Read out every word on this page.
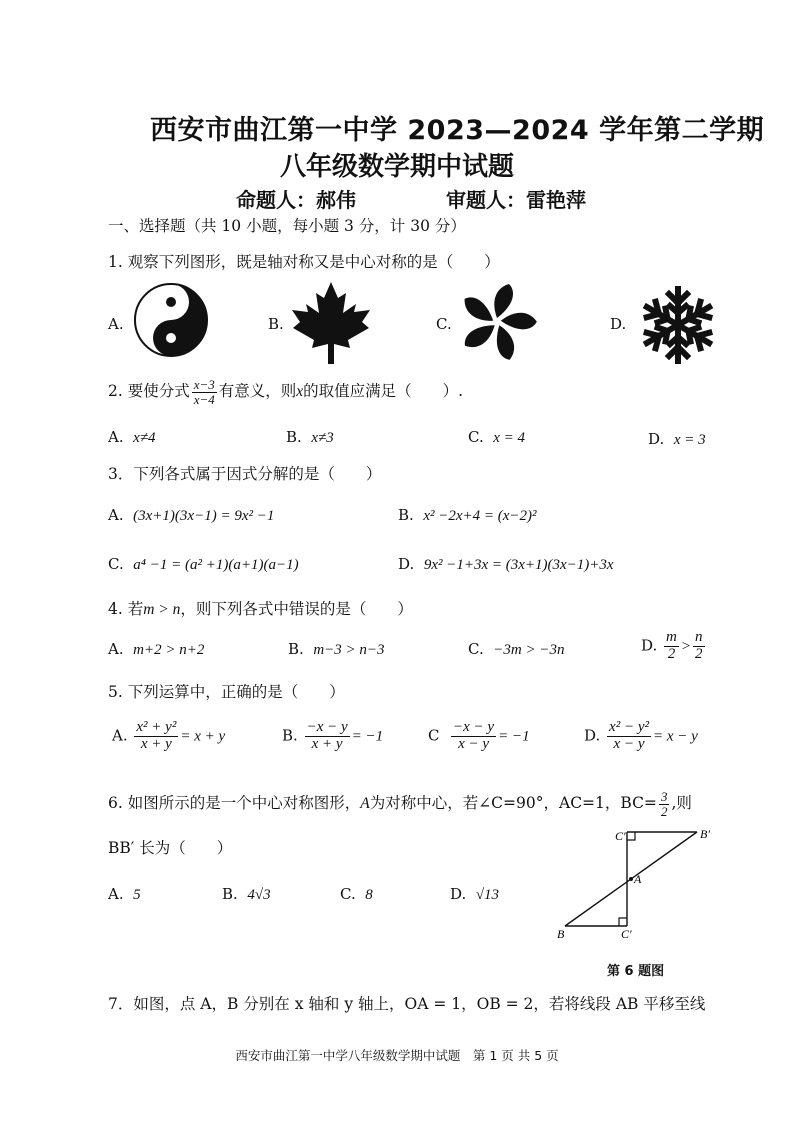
西安市曲江第一中学 2023—2024 学年第二学期
八年级数学期中试题
命题人：郝伟	审题人：雷艳萍
一、选择题（共 10 小题，每小题 3 分，计 30 分）
1. 观察下列图形，既是轴对称又是中心对称的是（　　）
A.	B.	C.	D.
2. 要使分式 $\frac{x-3}{x-4}$ 有意义，则x的取值应满足（　　）.
A. x≠4	B. x≠3	C. x = 4	D. x = 3
3．下列各式属于因式分解的是（　　）
A. (3x+1)(3x−1) = 9x² −1	B. x² −2x+4 = (x−2)²
C. a⁴ −1 = (a² +1)(a+1)(a−1)	D. 9x² −1+3x = (3x+1)(3x−1)+3x
4. 若m > n，则下列各式中错误的是（　　）
A. m+2 > n+2	B. m−3 > n−3	C. −3m > −3n	D. $\frac{m}{2} > \frac{n}{2}$
5. 下列运算中，正确的是（　　）
A. $\frac{\text{x² + y²}}{x + y} = x + y$	B. $\frac{-x - y}{x + y} = -1$	C $\frac{-x - y}{x - y} = -1$	D. $\frac{\text{x² − y²}}{x - y} = x - y$
6. 如图所示的是一个中心对称图形，A为对称中心，若∠C=90°，AC=1，$BC= \frac{3}{2}$ ,则
BB′ 长为（　　）
A. 5	B. 4√3	C. 8	D. √13
C′	B′
A
B	C′
第 6 题图
7．如图，点 A，B 分别在 x 轴和 y 轴上，OA = 1，OB = 2，若将线段 AB 平移至线
西安市曲江第一中学八年级数学期中试题　第 1 页 共 5 页
